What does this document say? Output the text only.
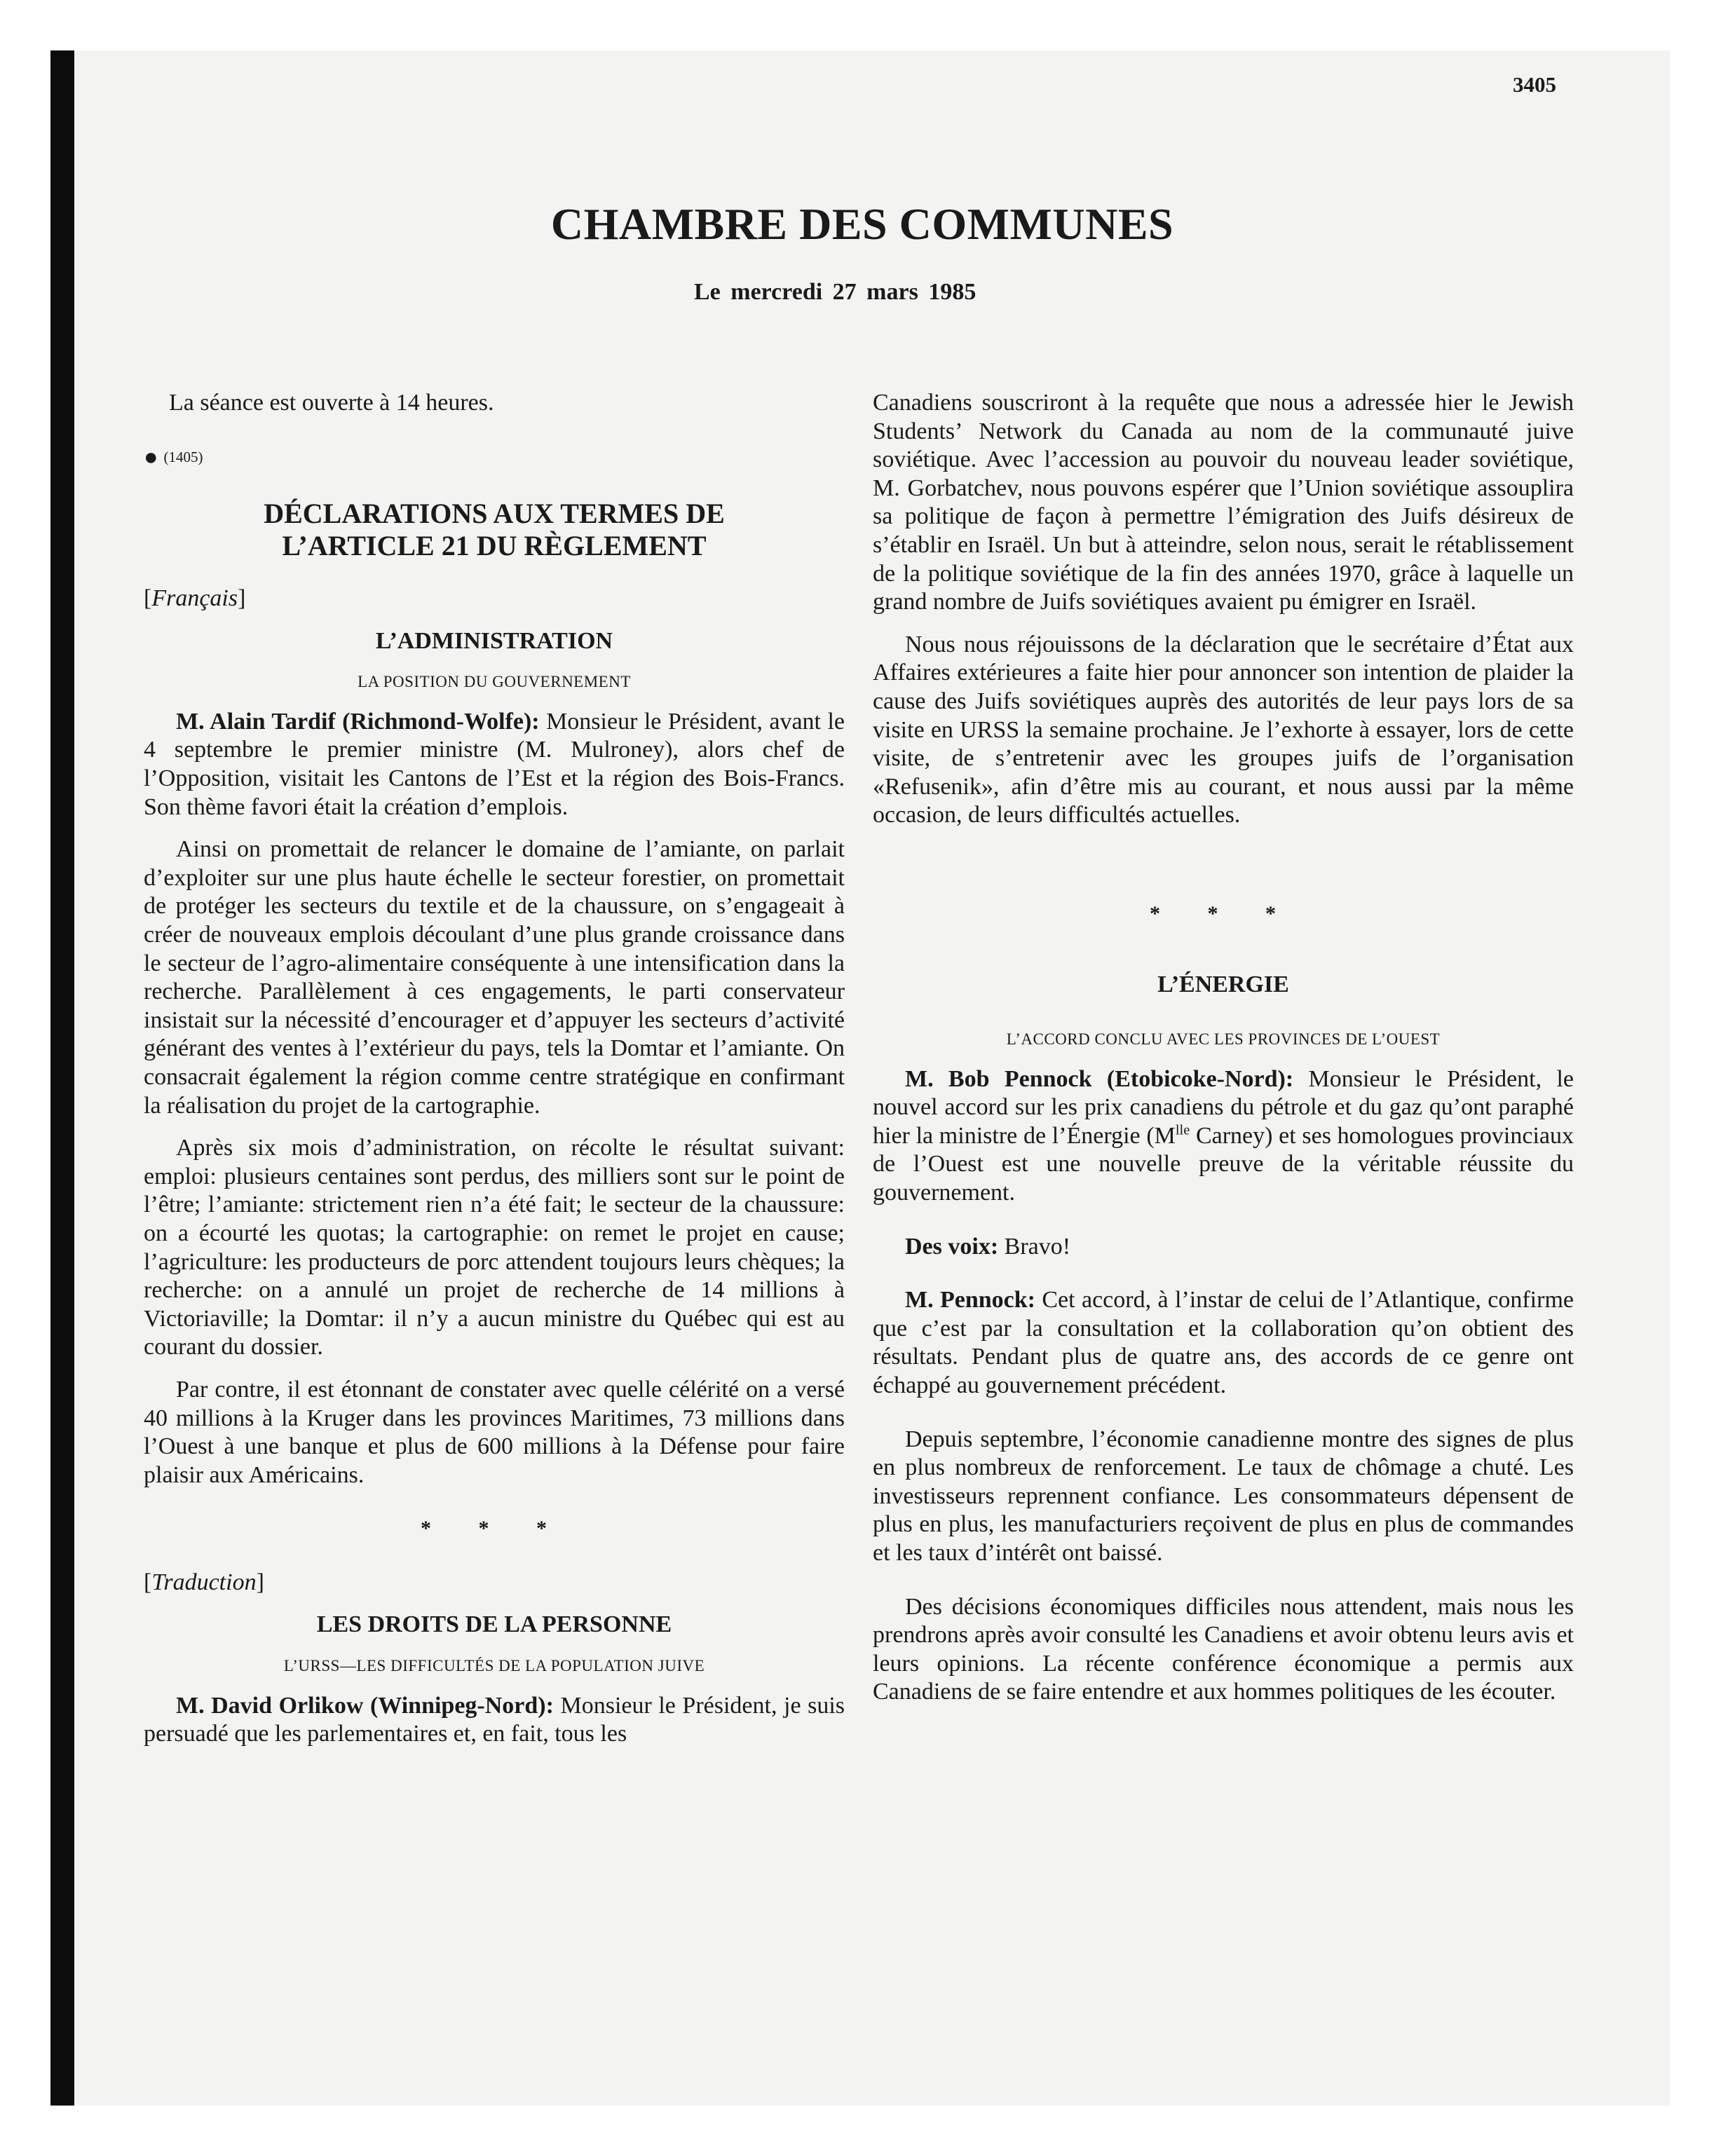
3405
CHAMBRE DES COMMUNES
Le mercredi 27 mars 1985

La séance est ouverte à 14 heures.

● (1405)

DÉCLARATIONS AUX TERMES DE
L’ARTICLE 21 DU RÈGLEMENT

[Français]

L’ADMINISTRATION

LA POSITION DU GOUVERNEMENT

M. Alain Tardif (Richmond-Wolfe): Monsieur le Président, avant le 4 septembre le premier ministre (M. Mulroney), alors chef de l’Opposition, visitait les Cantons de l’Est et la région des Bois-Francs. Son thème favori était la création d’emplois.

Ainsi on promettait de relancer le domaine de l’amiante, on parlait d’exploiter sur une plus haute échelle le secteur forestier, on promettait de protéger les secteurs du textile et de la chaussure, on s’engageait à créer de nouveaux emplois découlant d’une plus grande croissance dans le secteur de l’agro-alimentaire conséquente à une intensification dans la recherche. Parallèlement à ces engagements, le parti conservateur insistait sur la nécessité d’encourager et d’appuyer les secteurs d’activité générant des ventes à l’extérieur du pays, tels la Domtar et l’amiante. On consacrait également la région comme centre stratégique en confirmant la réalisation du projet de la cartographie.

Après six mois d’administration, on récolte le résultat suivant: emploi: plusieurs centaines sont perdus, des milliers sont sur le point de l’être; l’amiante: strictement rien n’a été fait; le secteur de la chaussure: on a écourté les quotas; la cartographie: on remet le projet en cause; l’agriculture: les producteurs de porc attendent toujours leurs chèques; la recherche: on a annulé un projet de recherche de 14 millions à Victoriaville; la Domtar: il n’y a aucun ministre du Québec qui est au courant du dossier.

Par contre, il est étonnant de constater avec quelle célérité on a versé 40 millions à la Kruger dans les provinces Maritimes, 73 millions dans l’Ouest à une banque et plus de 600 millions à la Défense pour faire plaisir aux Américains.

* * *

[Traduction]

LES DROITS DE LA PERSONNE

L’URSS—LES DIFFICULTÉS DE LA POPULATION JUIVE

M. David Orlikow (Winnipeg-Nord): Monsieur le Président, je suis persuadé que les parlementaires et, en fait, tous les

Canadiens souscriront à la requête que nous a adressée hier le Jewish Students’ Network du Canada au nom de la communauté juive soviétique. Avec l’accession au pouvoir du nouveau leader soviétique, M. Gorbatchev, nous pouvons espérer que l’Union soviétique assouplira sa politique de façon à permettre l’émigration des Juifs désireux de s’établir en Israël. Un but à atteindre, selon nous, serait le rétablissement de la politique soviétique de la fin des années 1970, grâce à laquelle un grand nombre de Juifs soviétiques avaient pu émigrer en Israël.

Nous nous réjouissons de la déclaration que le secrétaire d’État aux Affaires extérieures a faite hier pour annoncer son intention de plaider la cause des Juifs soviétiques auprès des autorités de leur pays lors de sa visite en URSS la semaine prochaine. Je l’exhorte à essayer, lors de cette visite, de s’entretenir avec les groupes juifs de l’organisation «Refusenik», afin d’être mis au courant, et nous aussi par la même occasion, de leurs difficultés actuelles.

* * *

L’ÉNERGIE

L’ACCORD CONCLU AVEC LES PROVINCES DE L’OUEST

M. Bob Pennock (Etobicoke-Nord): Monsieur le Président, le nouvel accord sur les prix canadiens du pétrole et du gaz qu’ont paraphé hier la ministre de l’Énergie ($M^{lle}$ Carney) et ses homologues provinciaux de l’Ouest est une nouvelle preuve de la véritable réussite du gouvernement.

Des voix: Bravo!

M. Pennock: Cet accord, à l’instar de celui de l’Atlantique, confirme que c’est par la consultation et la collaboration qu’on obtient des résultats. Pendant plus de quatre ans, des accords de ce genre ont échappé au gouvernement précédent.

Depuis septembre, l’économie canadienne montre des signes de plus en plus nombreux de renforcement. Le taux de chômage a chuté. Les investisseurs reprennent confiance. Les consommateurs dépensent de plus en plus, les manufacturiers reçoivent de plus en plus de commandes et les taux d’intérêt ont baissé.

Des décisions économiques difficiles nous attendent, mais nous les prendrons après avoir consulté les Canadiens et avoir obtenu leurs avis et leurs opinions. La récente conférence économique a permis aux Canadiens de se faire entendre et aux hommes politiques de les écouter.
